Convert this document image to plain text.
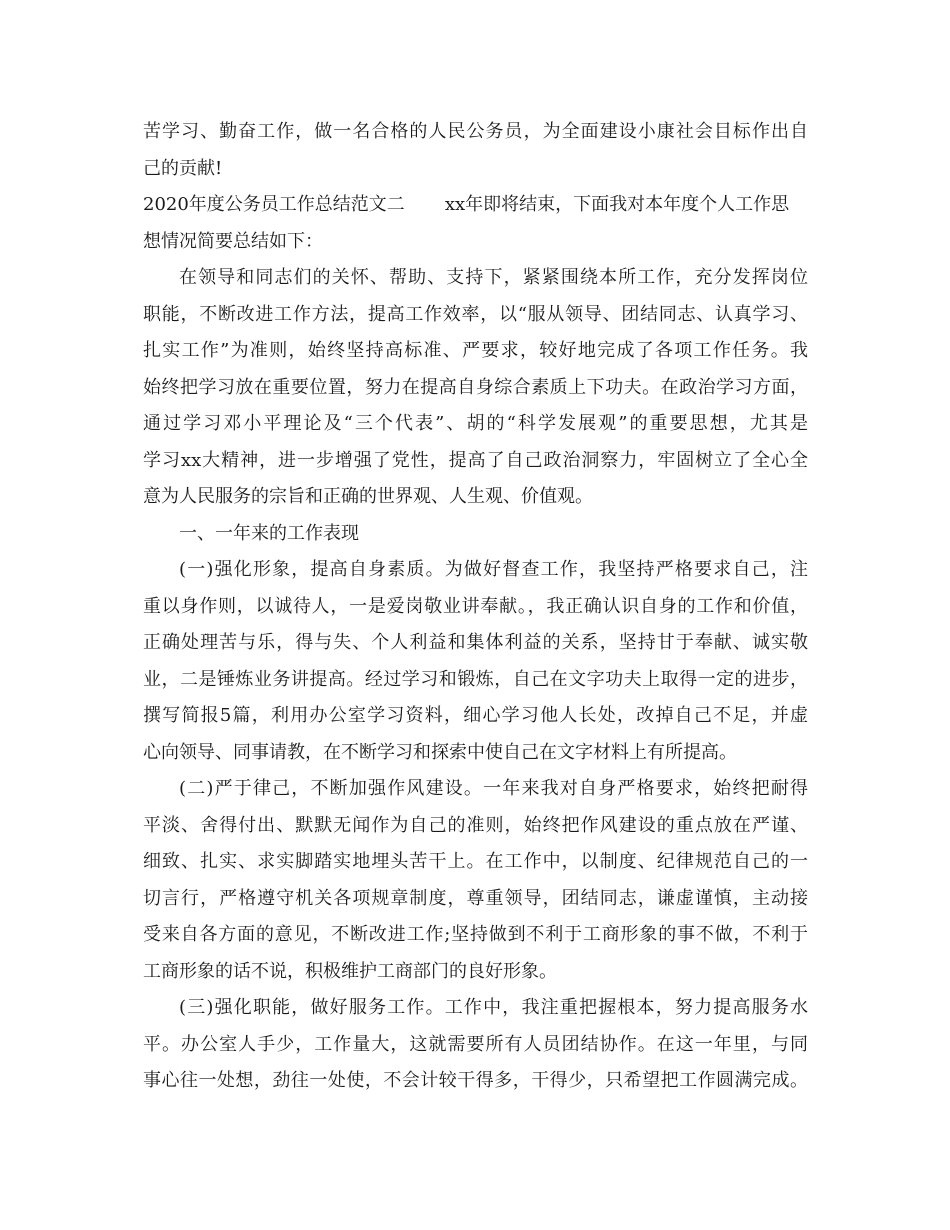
苦学习、勤奋工作，做一名合格的人民公务员，为全面建设小康社会目标作出自
己的贡献!
2020年度公务员工作总结范文二 xx年即将结束，下面我对本年度个人工作思
想情况简要总结如下：
在领导和同志们的关怀、帮助、支持下，紧紧围绕本所工作，充分发挥岗位
职能，不断改进工作方法，提高工作效率，以“服从领导、团结同志、认真学习、
扎实工作”为准则，始终坚持高标准、严要求，较好地完成了各项工作任务。我
始终把学习放在重要位置，努力在提高自身综合素质上下功夫。在政治学习方面，
通过学习邓小平理论及“三个代表”、胡的“科学发展观”的重要思想，尤其是
学习xx大精神，进一步增强了党性，提高了自己政治洞察力，牢固树立了全心全
意为人民服务的宗旨和正确的世界观、人生观、价值观。
一、一年来的工作表现
(一)强化形象，提高自身素质。为做好督查工作，我坚持严格要求自己，注
重以身作则，以诚待人，一是爱岗敬业讲奉献。，我正确认识自身的工作和价值，
正确处理苦与乐，得与失、个人利益和集体利益的关系，坚持甘于奉献、诚实敬
业，二是锤炼业务讲提高。经过学习和锻炼，自己在文字功夫上取得一定的进步，
撰写简报5篇，利用办公室学习资料，细心学习他人长处，改掉自己不足，并虚
心向领导、同事请教，在不断学习和探索中使自己在文字材料上有所提高。
(二)严于律己，不断加强作风建设。一年来我对自身严格要求，始终把耐得
平淡、舍得付出、默默无闻作为自己的准则，始终把作风建设的重点放在严谨、
细致、扎实、求实脚踏实地埋头苦干上。在工作中，以制度、纪律规范自己的一
切言行，严格遵守机关各项规章制度，尊重领导，团结同志，谦虚谨慎，主动接
受来自各方面的意见，不断改进工作;坚持做到不利于工商形象的事不做，不利于
工商形象的话不说，积极维护工商部门的良好形象。
(三)强化职能，做好服务工作。工作中，我注重把握根本，努力提高服务水
平。办公室人手少，工作量大，这就需要所有人员团结协作。在这一年里，与同
事心往一处想，劲往一处使，不会计较干得多，干得少，只希望把工作圆满完成。
